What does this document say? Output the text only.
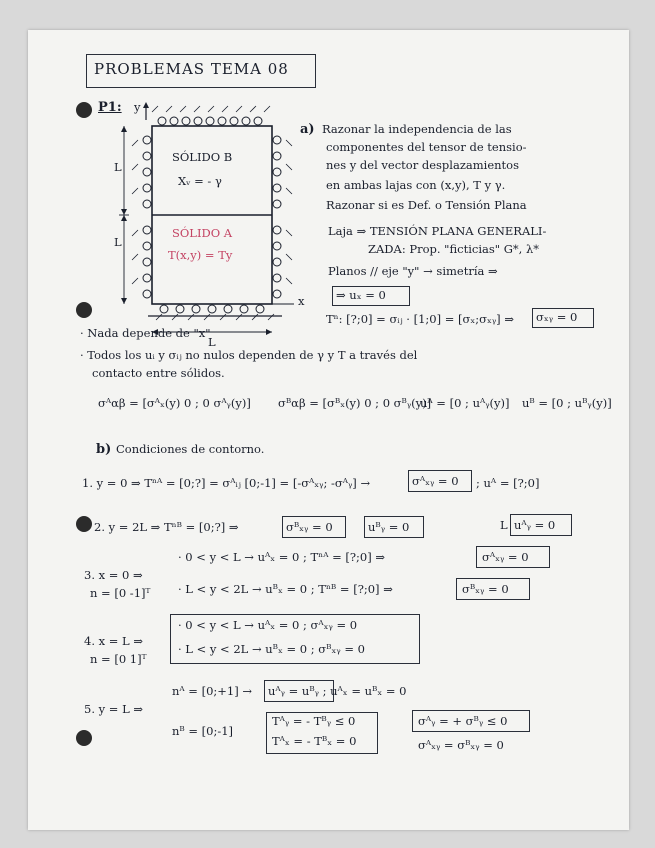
PROBLEMAS TEMA 08
P1: y
x
L
L
L
SÓLIDO B
Xᵥ = - γ
SÓLIDO A
T(x,y) = Ty
a) Razonar la independencia de las
componentes del tensor de tensio-
nes y del vector desplazamientos
en ambas lajas con (x,y), T y γ.
Razonar si es Def. o Tensión Plana
Laja ⇒ TENSIÓN PLANA GENERALI-
ZADA: Prop. "ficticias" G*, λ*
Planos // eje "y" → simetría ⇒
⇒ uₓ = 0
Tⁿ: [?;0] = σᵢⱼ · [1;0] = [σₓ;σₓᵧ] ⇒ σₓᵧ = 0
· Nada depende de "x"
· Todos los uᵢ y σᵢⱼ no nulos dependen de γ y T a través del
contacto entre sólidos.
σᴬαβ = [σᴬₓ(y) 0 ; 0 σᴬᵧ(y)] σᴮαβ = [σᴮₓ(y) 0 ; 0 σᴮᵧ(y)]
uᴬ = [0 ; uᴬᵧ(y)] uᴮ = [0 ; uᴮᵧ(y)]
b) Condiciones de contorno.
1. y = 0 ⇒ Tⁿᴬ = [0;?] = σᴬᵢⱼ [0;-1] = [-σᴬₓᵧ; -σᴬᵧ] →	σᴬₓᵧ = 0 ; uᴬ = [?;0]
2. y = 2L ⇒ Tⁿᴮ = [0;?] ⇒	σᴮₓᵧ = 0	uᴮᵧ = 0	L uᴬᵧ = 0
3. x = 0 ⇒
n = [0 -1]ᵀ
· 0 < y < L → uᴬₓ = 0 ; Tⁿᴬ = [?;0] ⇒	σᴬₓᵧ = 0
· L < y < 2L → uᴮₓ = 0 ; Tⁿᴮ = [?;0] ⇒	σᴮₓᵧ = 0
4. x = L ⇒
n = [0 1]ᵀ
· 0 < y < L → uᴬₓ = 0 ; σᴬₓᵧ = 0
· L < y < 2L → uᴮₓ = 0 ; σᴮₓᵧ = 0
5. y = L ⇒
nᴬ = [0;+1] → uᴬᵧ = uᴮᵧ ; uᴬₓ = uᴮₓ = 0
nᴮ = [0;-1]
Tᴬᵧ = - Tᴮᵧ ≤ 0
Tᴬₓ = - Tᴮₓ = 0
σᴬᵧ = + σᴮᵧ ≤ 0
σᴬₓᵧ = σᴮₓᵧ = 0
